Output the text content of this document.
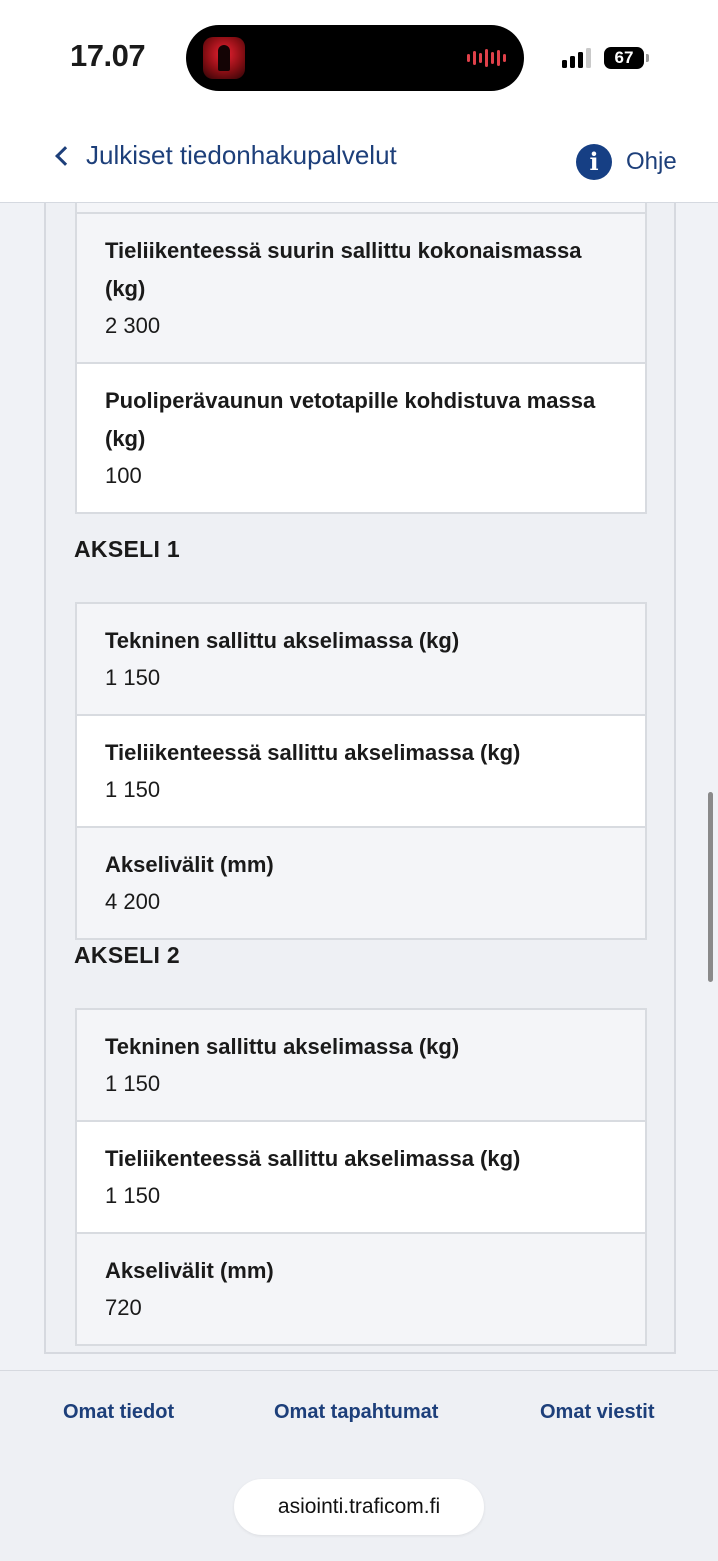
17.07	67
Julkiset tiedonhakupalvelut	i	Ohje
Tieliikenteessä suurin sallittu kokonaismassa (kg)
2 300
Puoliperävaunun vetotapille kohdistuva massa (kg)
100
AKSELI 1
Tekninen sallittu akselimassa (kg)
1 150
Tieliikenteessä sallittu akselimassa (kg)
1 150
Akselivälit (mm)
4 200
AKSELI 2
Tekninen sallittu akselimassa (kg)
1 150
Tieliikenteessä sallittu akselimassa (kg)
1 150
Akselivälit (mm)
720
Omat tiedot	Omat tapahtumat	Omat viestit
asiointi.traficom.fi
